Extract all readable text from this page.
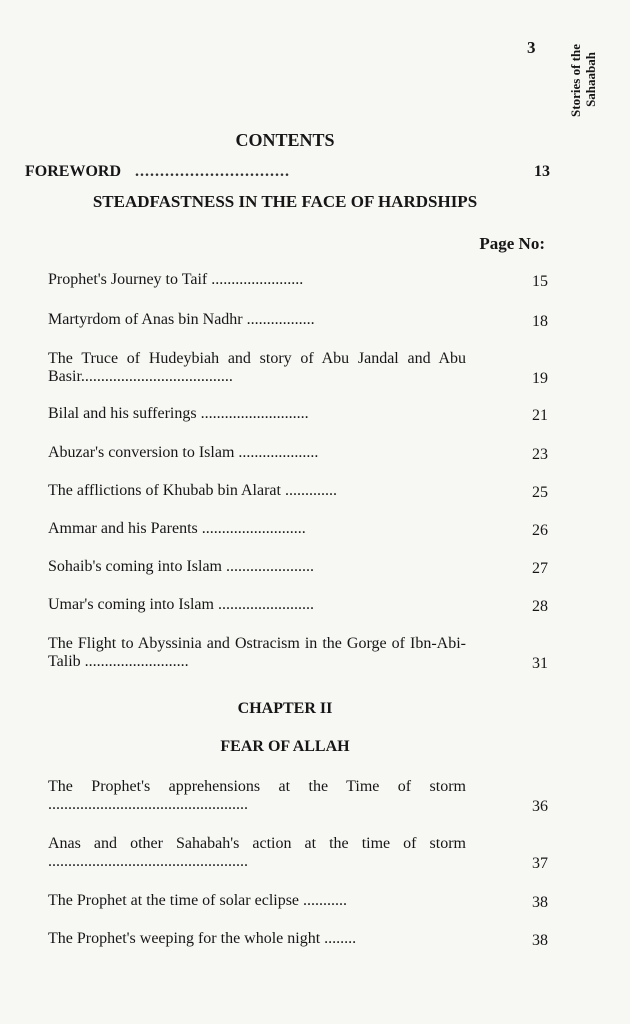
3	Stories of the Sahaabah
CONTENTS
FOREWORD ...............................	13
STEADFASTNESS IN THE FACE OF HARDSHIPS
Page No:
Prophet's Journey to Taif .......................	15
Martyrdom of Anas bin Nadhr .................	18
The Truce of Hudeybiah and story of Abu Jandal and Abu Basir......................................	19
Bilal and his sufferings ...........................	21
Abuzar's conversion to Islam ....................	23
The afflictions of Khubab bin Alarat .............	25
Ammar and his Parents ..........................	26
Sohaib's coming into Islam ......................	27
Umar's coming into Islam ........................	28
The Flight to Abyssinia and Ostracism in the Gorge of Ibn-Abi-Talib ..........................	31
CHAPTER II
FEAR OF ALLAH
The Prophet's apprehensions at the Time of storm ..................................................	36
Anas and other Sahabah's action at the time of storm ..................................................	37
The Prophet at the time of solar eclipse ...........	38
The Prophet's weeping for the whole night ........	38
